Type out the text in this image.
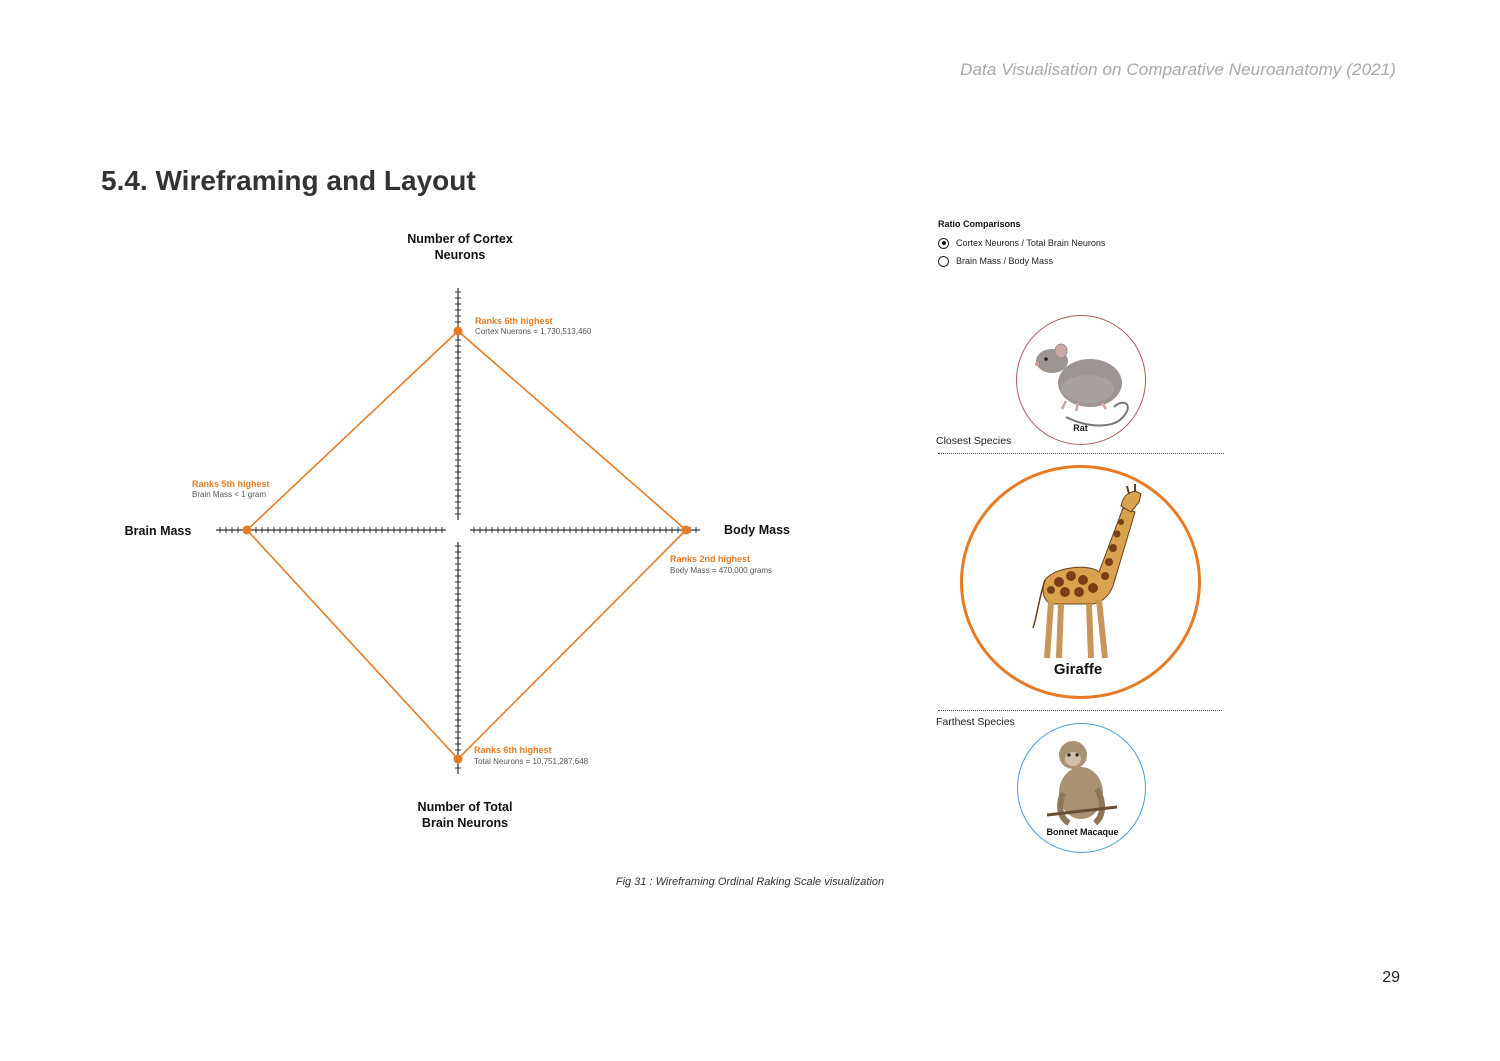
Data Visualisation on Comparative Neuroanatomy (2021)
5.4. Wireframing and Layout
Number of Cortex Neurons
Brain Mass	Body Mass
Number of Total Brain Neurons
Ranks 6th highest
Cortex Nuerons = 1,730,513,460
Ranks 5th highest
Brain Mass < 1 gram
Ranks 2nd highest
Body Mass = 470,000 grams
Ranks 6th highest
Total Neurons = 10,751,287,648
Ratio Comparisons
Cortex Neurons / Total Brain Neurons
Brain Mass / Body Mass
Rat
Closest Species
Giraffe
Farthest Species
Bonnet Macaque
Fig 31 : Wireframing Ordinal Raking Scale visualization
29
